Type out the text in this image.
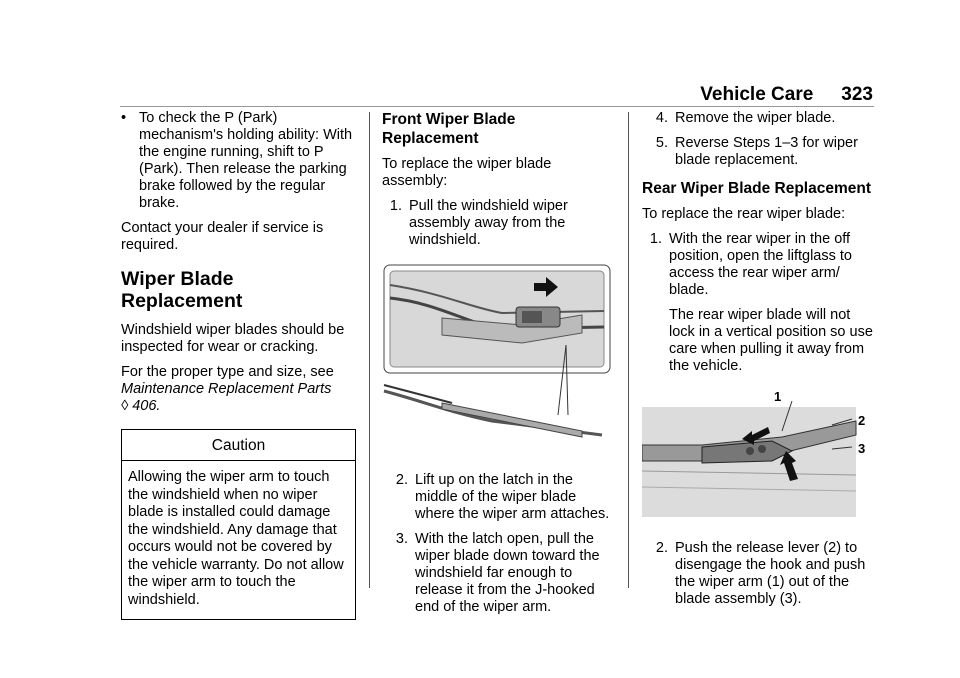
Vehicle Care 323
• To check the P (Park) mechanism's holding ability: With the engine running, shift to P (Park). Then release the parking brake followed by the regular brake.

Contact your dealer if service is required.

Wiper Blade Replacement

Windshield wiper blades should be inspected for wear or cracking.

For the proper type and size, see Maintenance Replacement Parts
◊ 406.

Caution
Allowing the wiper arm to touch the windshield when no wiper blade is installed could damage the windshield. Any damage that occurs would not be covered by the vehicle warranty. Do not allow the wiper arm to touch the windshield.
Front Wiper Blade Replacement

To replace the wiper blade assembly:

1. Pull the windshield wiper assembly away from the windshield.
2. Lift up on the latch in the middle of the wiper blade where the wiper arm attaches.
3. With the latch open, pull the wiper blade down toward the windshield far enough to release it from the J-hooked end of the wiper arm.
4. Remove the wiper blade.
5. Reverse Steps 1–3 for wiper blade replacement.
Rear Wiper Blade Replacement

To replace the rear wiper blade:

1. With the rear wiper in the off position, open the liftglass to access the rear wiper arm/ blade.

The rear wiper blade will not lock in a vertical position so use care when pulling it away from the vehicle.

1
2
3
2. Push the release lever (2) to disengage the hook and push the wiper arm (1) out of the blade assembly (3).
